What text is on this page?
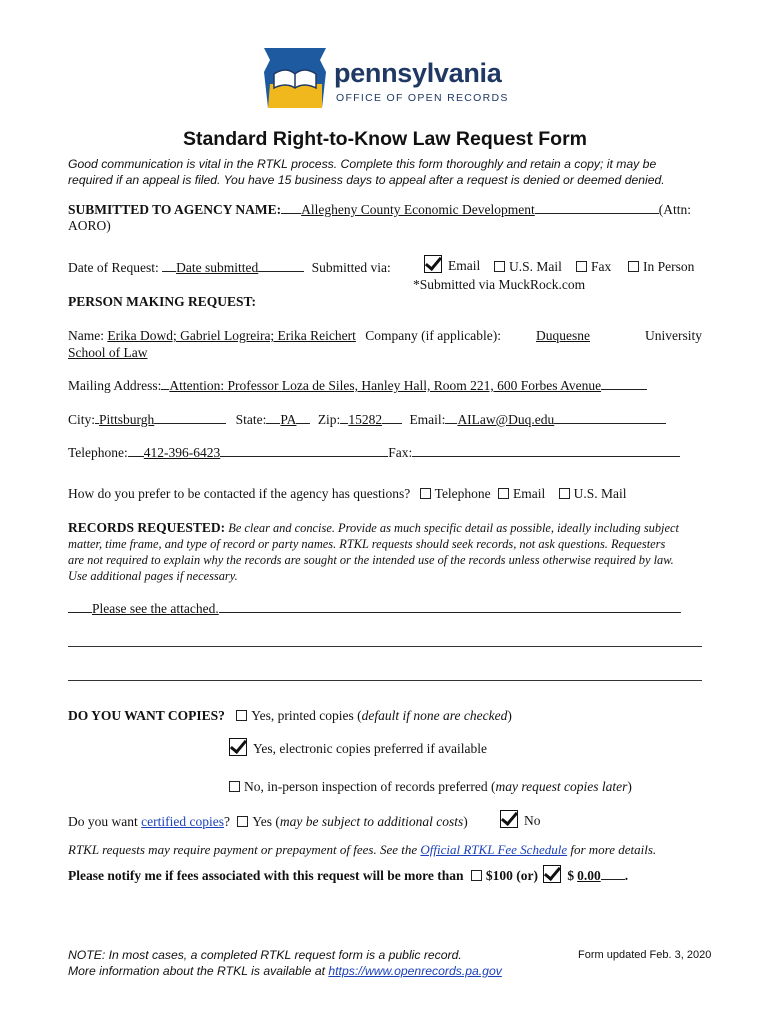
pennsylvania
OFFICE OF OPEN RECORDS
Standard Right-to-Know Law Request Form
Good communication is vital in the RTKL process. Complete this form thoroughly and retain a copy; it may be
required if an appeal is filed. You have 15 business days to appeal after a request is denied or deemed denied.
SUBMITTED TO AGENCY NAME: Allegheny County Economic Development	(Attn:
AORO)
Date of Request: Date submitted	Submitted via:	Email	U.S. Mail	Fax	In Person
*Submitted via MuckRock.com
PERSON MAKING REQUEST:
Name: Erika Dowd; Gabriel Logreira; Erika Reichert Company (if applicable):	Duquesne	University
School of Law
Mailing Address: Attention: Professor Loza de Siles, Hanley Hall, Room 221, 600 Forbes Avenue
City: Pittsburgh	State: PA Zip: 15282 Email: AILaw@Duq.edu
Telephone: 412-396-6423	Fax:
How do you prefer to be contacted if the agency has questions? Telephone Email U.S. Mail
RECORDS REQUESTED: Be clear and concise. Provide as much specific detail as possible, ideally including subject
matter, time frame, and type of record or party names. RTKL requests should seek records, not ask questions. Requesters
are not required to explain why the records are sought or the intended use of the records unless otherwise required by law.
Use additional pages if necessary.
Please see the attached.
DO YOU WANT COPIES? Yes, printed copies (default if none are checked)
Yes, electronic copies preferred if available
No, in-person inspection of records preferred (may request copies later)
Do you want certified copies? Yes (may be subject to additional costs)	No
RTKL requests may require payment or prepayment of fees. See the Official RTKL Fee Schedule for more details.
Please notify me if fees associated with this request will be more than $100 (or) $ 0.00 .
NOTE: In most cases, a completed RTKL request form is a public record.
More information about the RTKL is available at https://www.openrecords.pa.gov
Form updated Feb. 3, 2020
